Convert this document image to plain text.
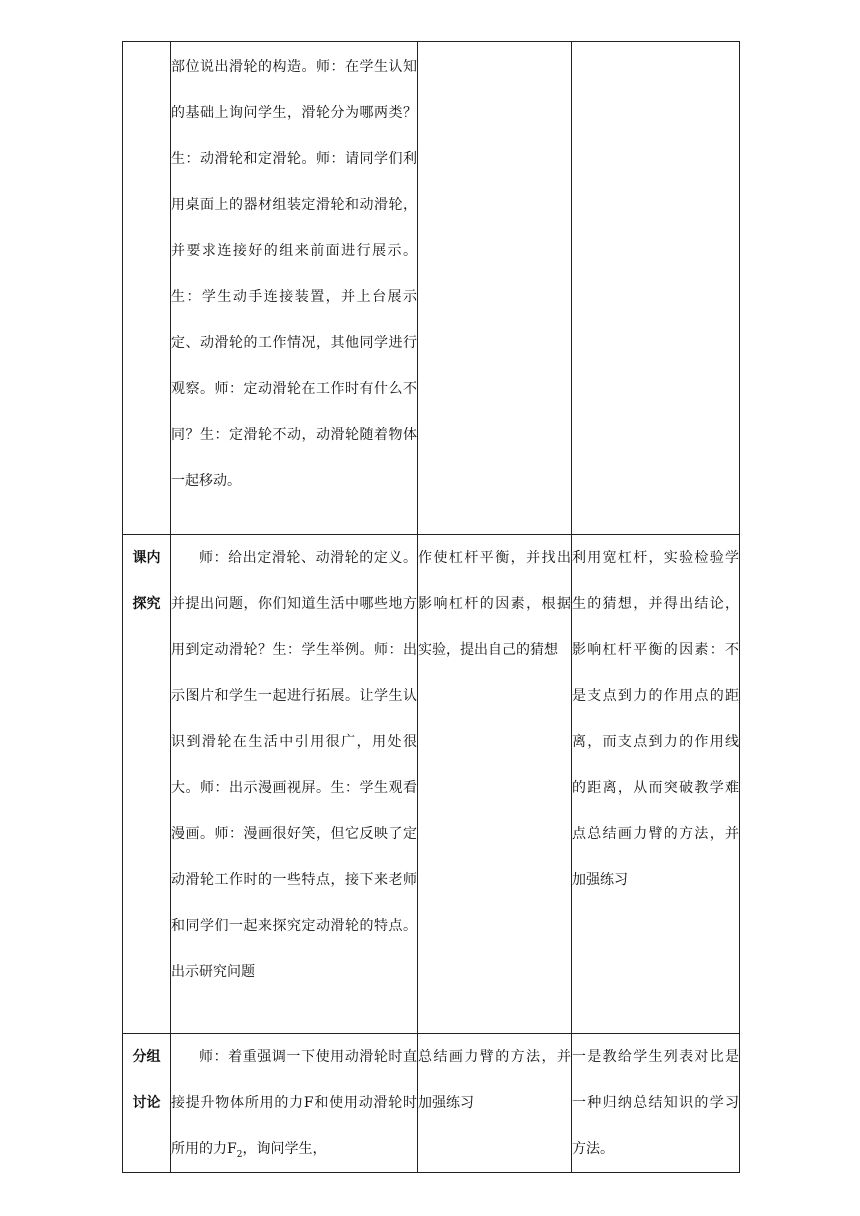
	部位说出滑轮的构造。师：在学生认知的基础上询问学生，滑轮分为哪两类？生：动滑轮和定滑轮。师：请同学们利用桌面上的器材组装定滑轮和动滑轮，并要求连接好的组来前面进行展示。生：学生动手连接装置，并上台展示定、动滑轮的工作情况，其他同学进行观察。师：定动滑轮在工作时有什么不同？生：定滑轮不动，动滑轮随着物体一起移动。		

课内
探究	师：给出定滑轮、动滑轮的定义。并提出问题，你们知道生活中哪些地方用到定动滑轮？生：学生举例。师：出示图片和学生一起进行拓展。让学生认识到滑轮在生活中引用很广，用处很大。师：出示漫画视屏。生：学生观看漫画。师：漫画很好笑，但它反映了定动滑轮工作时的一些特点，接下来老师和同学们一起来探究定动滑轮的特点。出示研究问题	作使杠杆平衡，并找出影响杠杆的因素，根据实验，提出自己的猜想	利用宽杠杆，实验检验学生的猜想，并得出结论，影响杠杆平衡的因素：不是支点到力的作用点的距离，而支点到力的作用线的距离，从而突破教学难点总结画力臂的方法，并加强练习

分组
讨论	师：着重强调一下使用动滑轮时直接提升物体所用的力F和使用动滑轮时所用的力$F_2$，询问学生，	总结画力臂的方法，并加强练习	一是教给学生列表对比是一种归纳总结知识的学习方法。
